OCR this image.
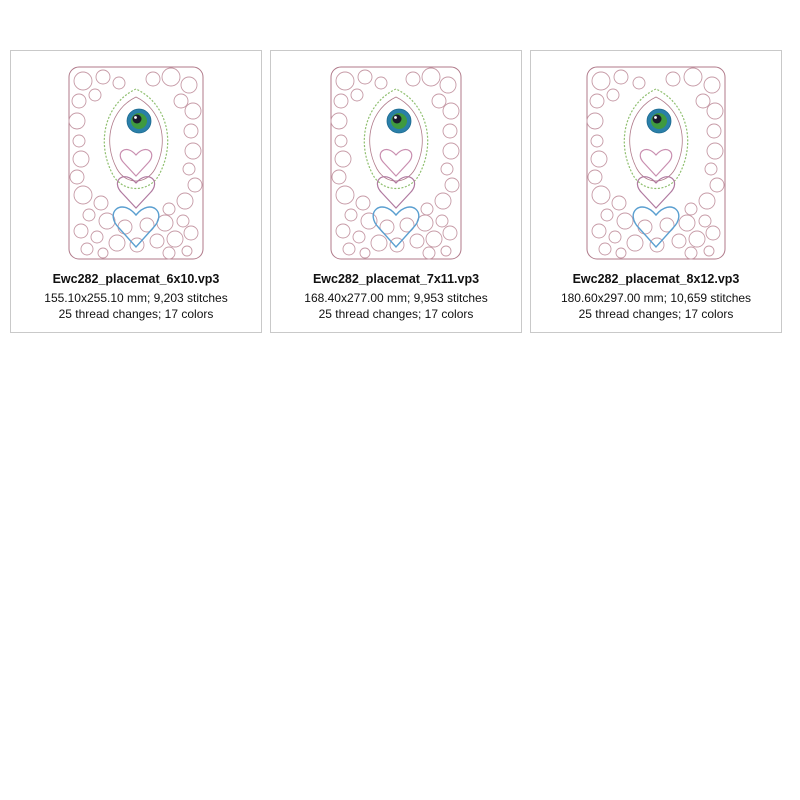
Ewc282_placemat_6x10.vp3
155.10x255.10 mm; 9,203 stitches
25 thread changes; 17 colors
Ewc282_placemat_7x11.vp3
168.40x277.00 mm; 9,953 stitches
25 thread changes; 17 colors
Ewc282_placemat_8x12.vp3
180.60x297.00 mm; 10,659 stitches
25 thread changes; 17 colors
